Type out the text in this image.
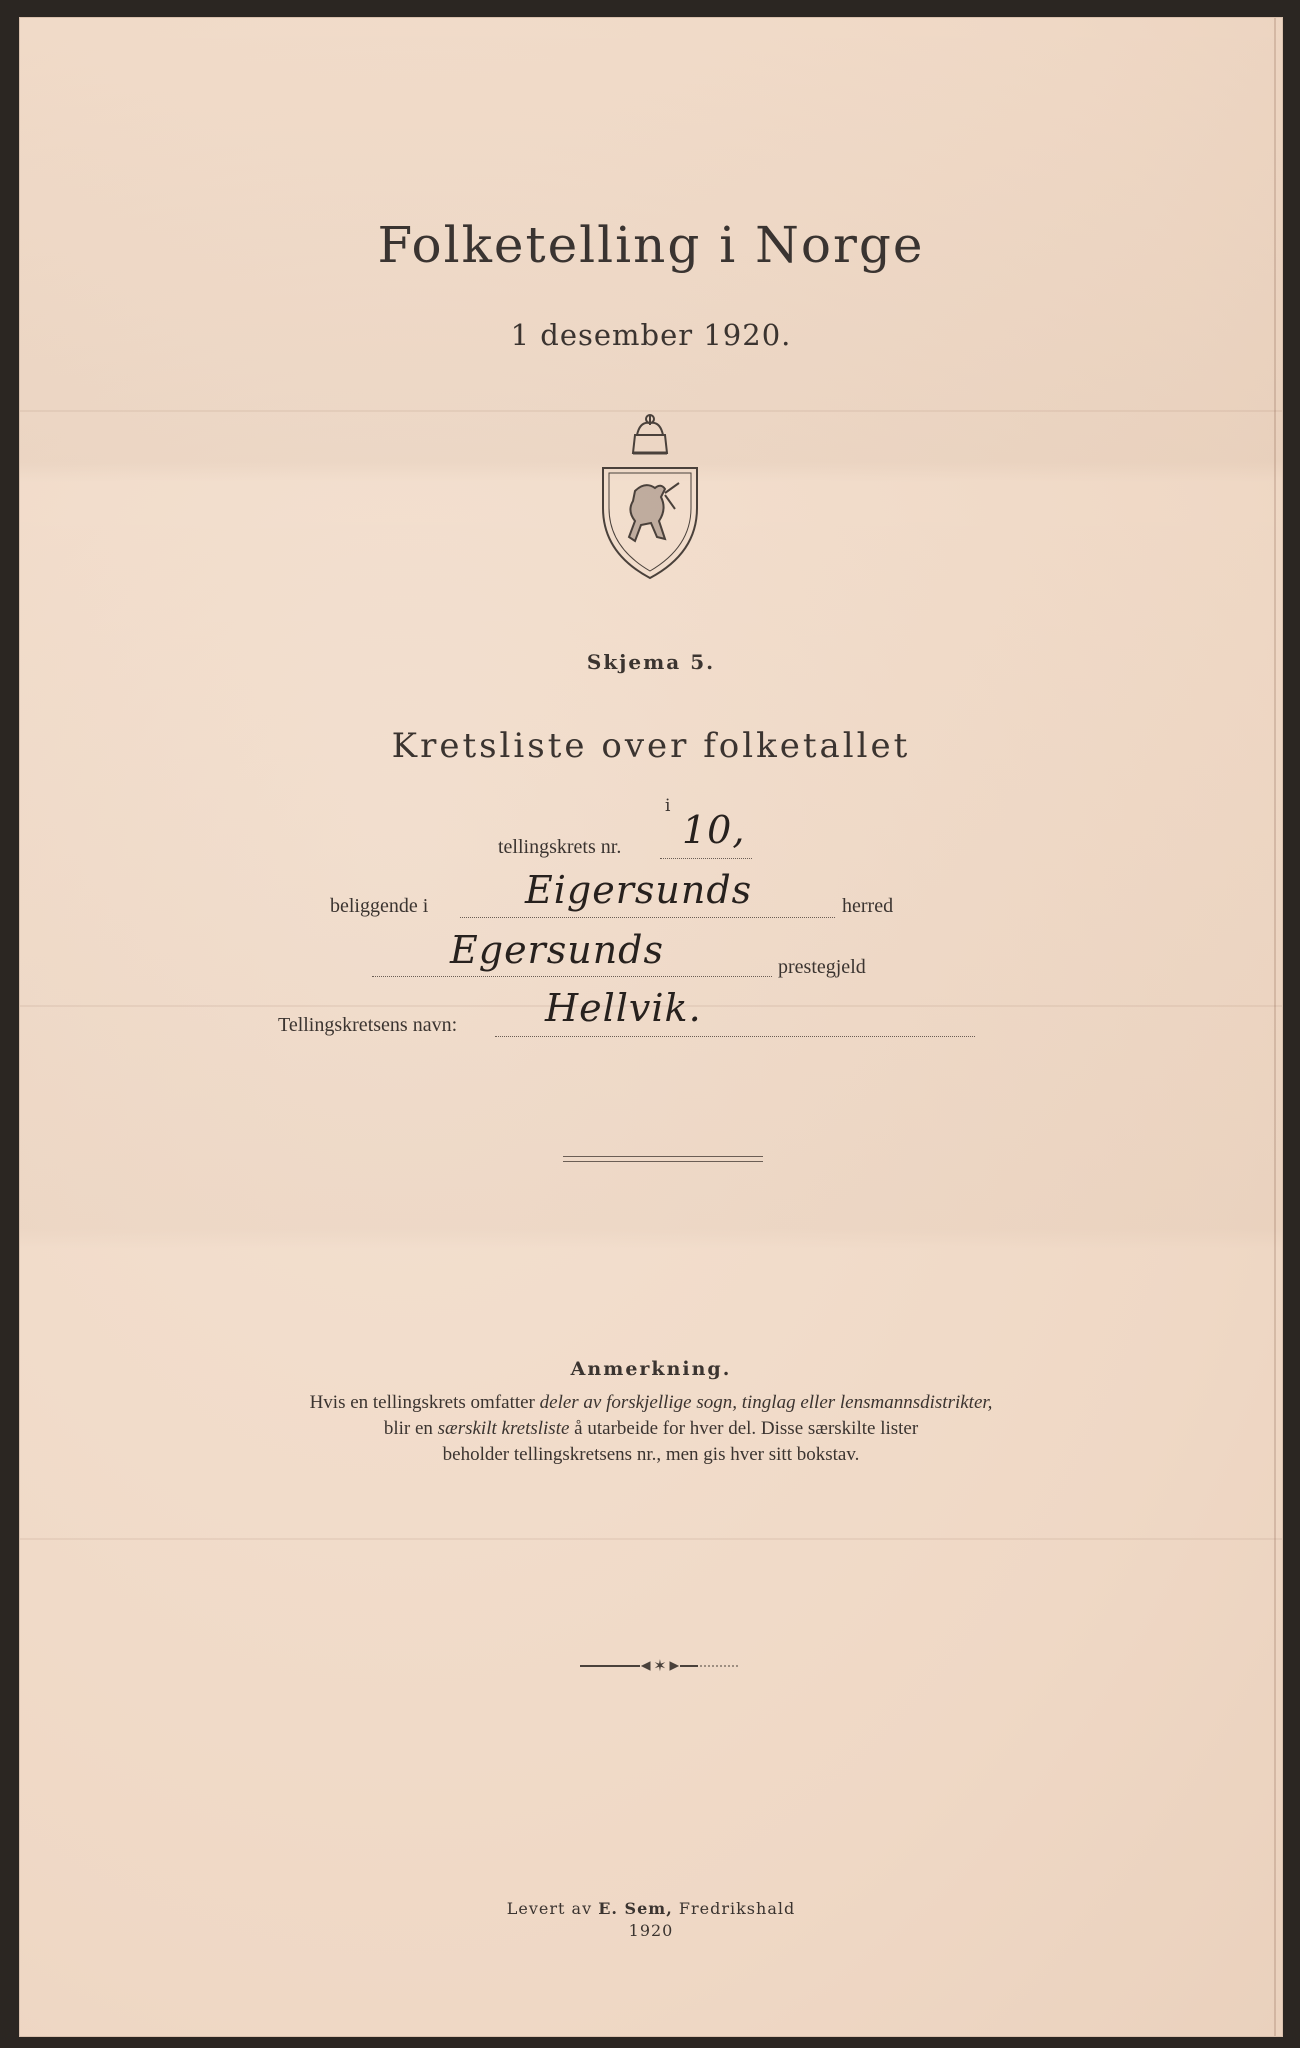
Folketelling i Norge
1 desember 1920.
Skjema 5.
Kretsliste over folketallet
i
tellingskrets nr. 10,
beliggende i	Eigersunds	herred
Egersunds	prestegjeld
Tellingskretsens navn: Hellvik.
Anmerkning.
Hvis en tellingskrets omfatter deler av forskjellige sogn, tinglag eller lensmannsdistrikter,
blir en særskilt kretsliste å utarbeide for hver del. Disse særskilte lister
beholder tellingskretsens nr., men gis hver sitt bokstav.
✶
Levert av E. Sem, Fredrikshald
1920
